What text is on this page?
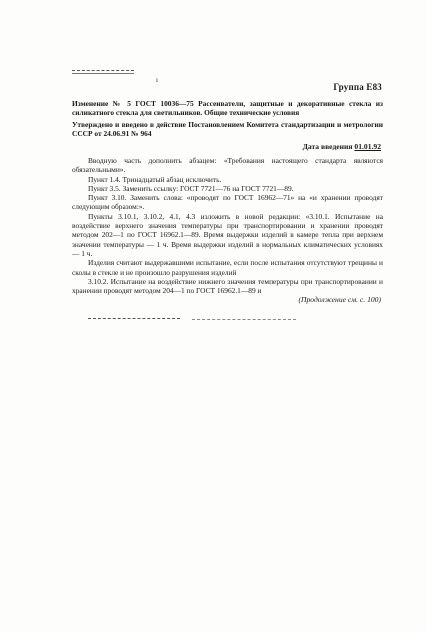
ı
Группа Е83
Изменение № 5 ГОСТ 10036—75 Рассеиватели, защитные и декоративные стекла из силикатного стекла для светильников. Общие технические условия
Утверждено и введено в действие Постановлением Комитета стандартизации и метрологии СССР от 24.06.91 № 964
Дата введения 01.01.92

Вводную часть дополнить абзацем: «Требования настоящего стандарта являются обязательными».

Пункт 1.4. Тринадцатый абзац исключить.

Пункт 3.5. Заменить ссылку: ГОСТ 7721—76 на ГОСТ 7721—89.

Пункт 3.10. Заменить слова: «проводят по ГОСТ 16962—71» на «и хранении проводят следующим образом:».

Пункты 3.10.1, 3.10.2, 4.1, 4.3 изложить в новой редакции: «3.10.1. Испытание на воздействие верхнего значения температуры при транспортировании и хранении проводят методом 202—1 по ГОСТ 16962.1—89. Время выдержки изделий в камере тепла при верхнем значении температуры — 1 ч. Время выдержки изделий в нормальных климатических условиях — 1 ч.

Изделия считают выдержавшими испытание, если после испытания отсутствуют трещины и сколы в стекле и не произошло разрушения изделий

3.10.2. Испытание на воздействие нижнего значения температуры при транспортировании и хранении проводят методом 204—1 по ГОСТ 16962.1—89 и

(Продолжение см. с. 100)
